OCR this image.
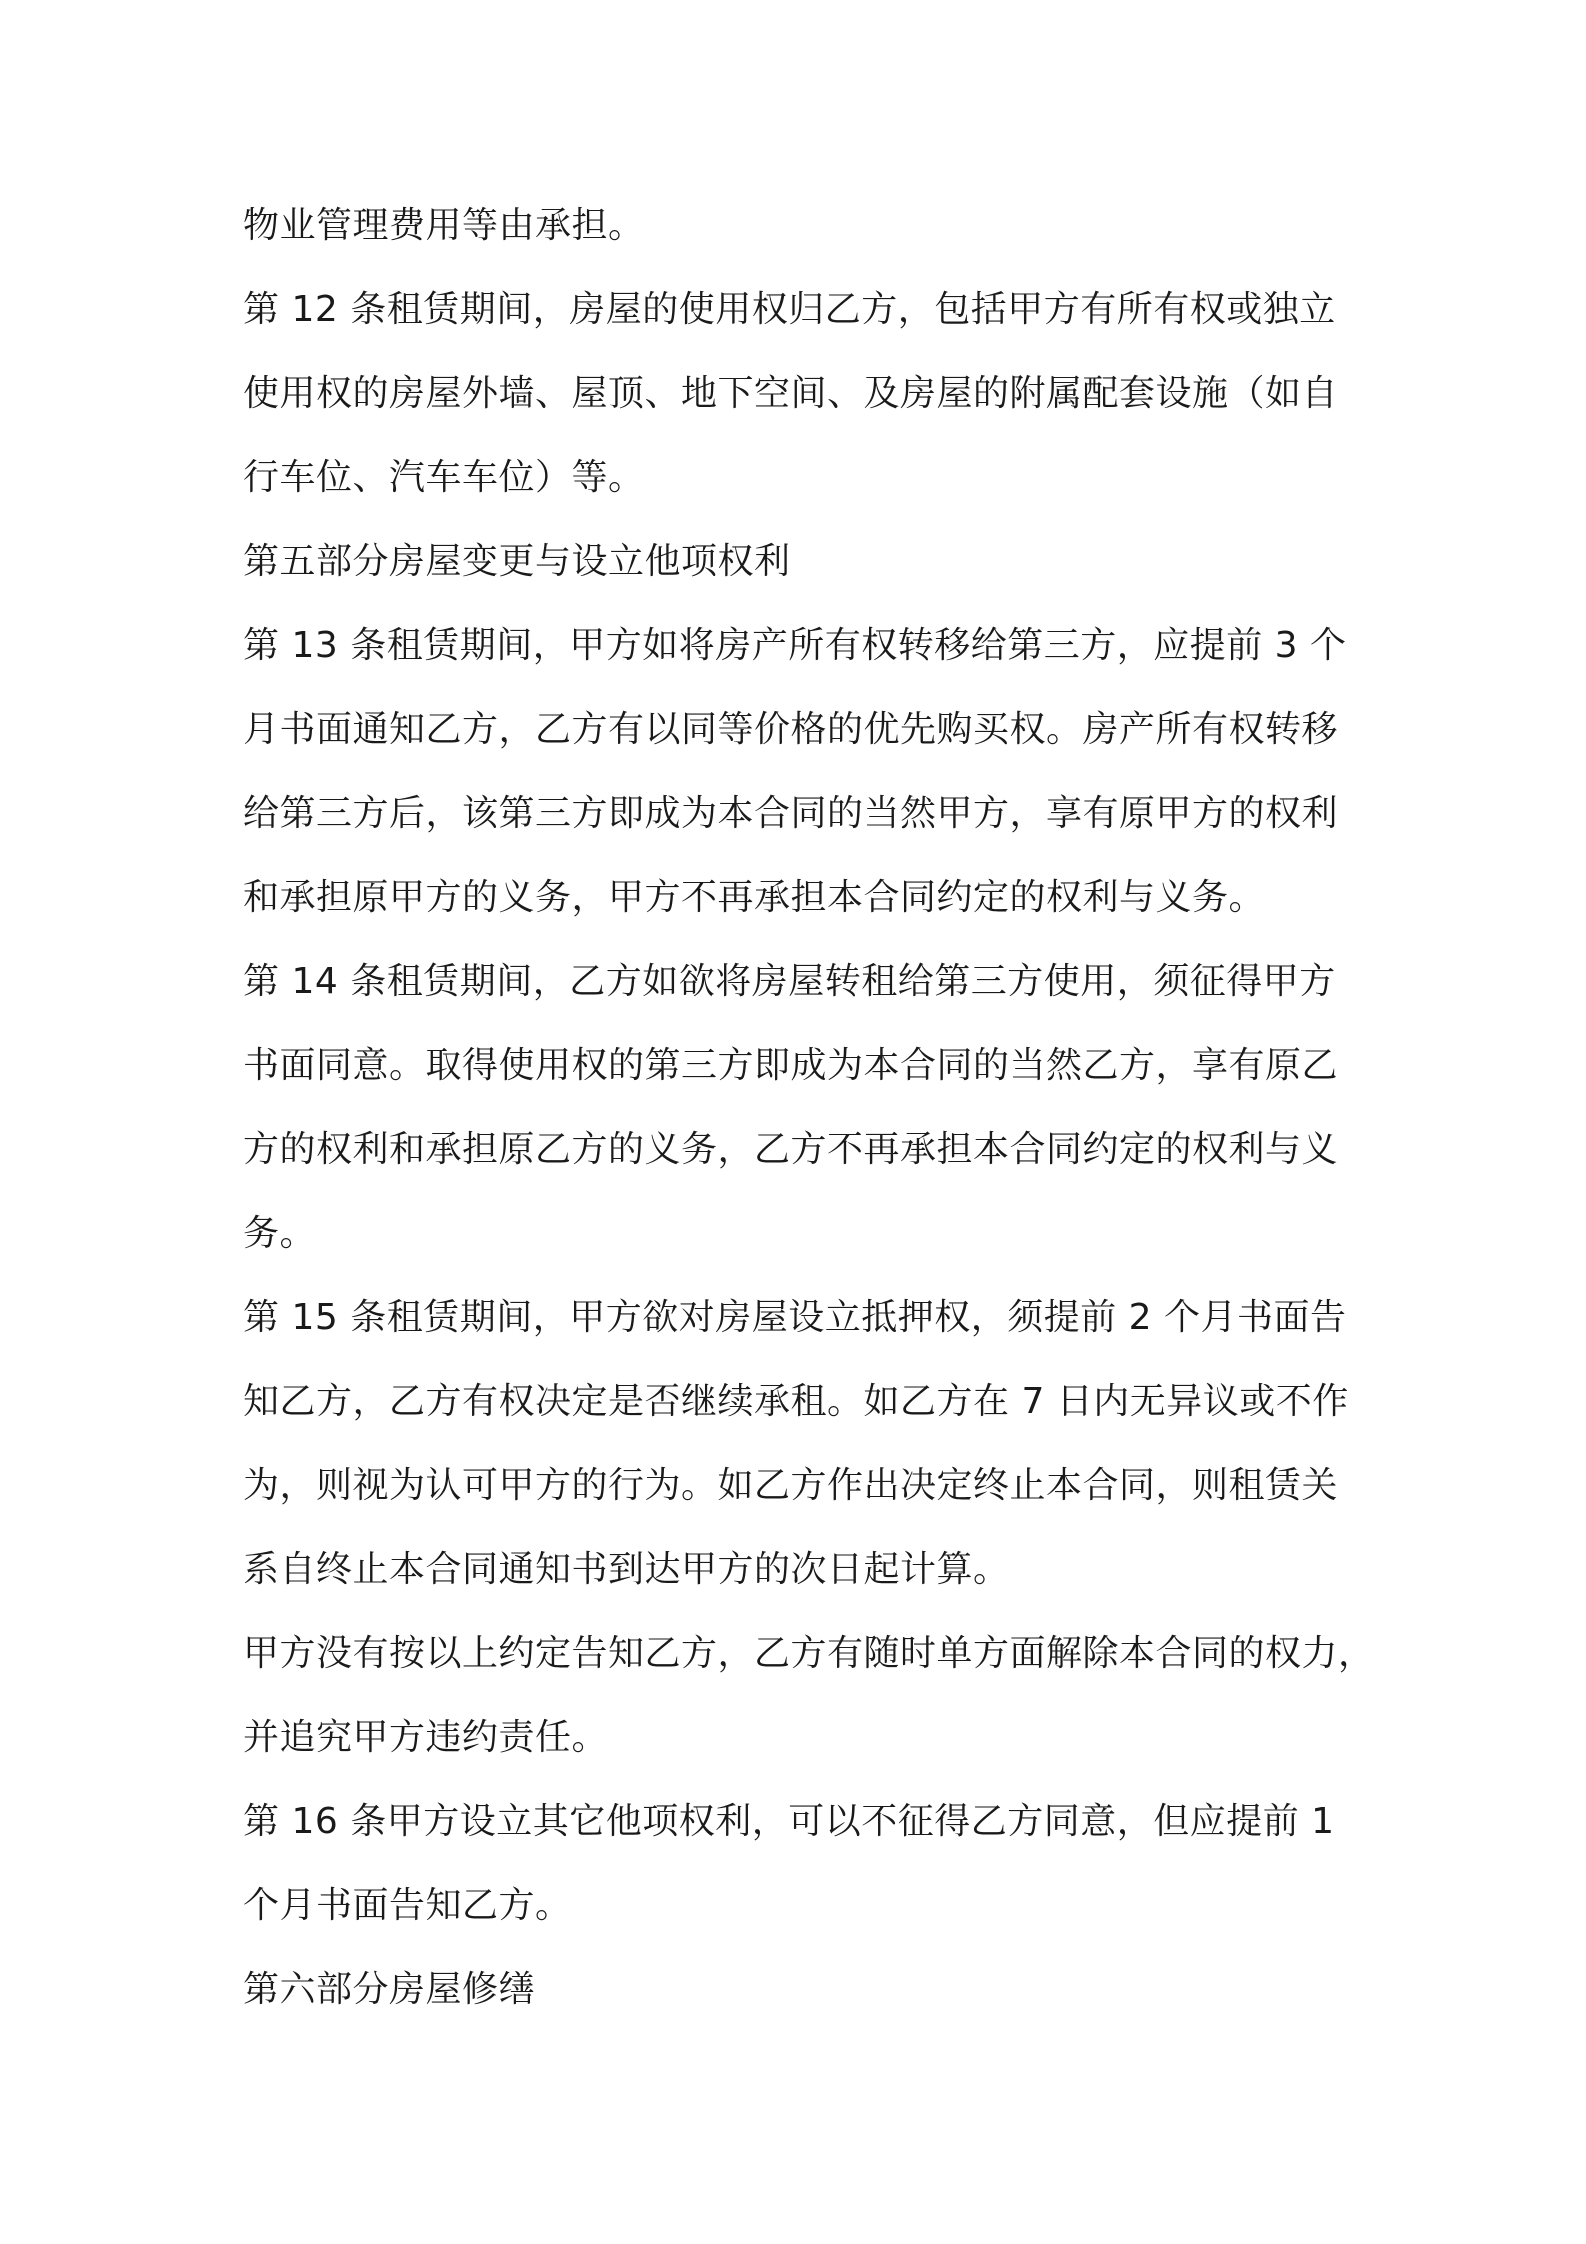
物业管理费用等由承担。
第 12 条租赁期间，房屋的使用权归乙方，包括甲方有所有权或独立
使用权的房屋外墙、屋顶、地下空间、及房屋的附属配套设施（如自
行车位、汽车车位）等。
第五部分房屋变更与设立他项权利
第 13 条租赁期间，甲方如将房产所有权转移给第三方，应提前 3 个
月书面通知乙方，乙方有以同等价格的优先购买权。房产所有权转移
给第三方后，该第三方即成为本合同的当然甲方，享有原甲方的权利
和承担原甲方的义务，甲方不再承担本合同约定的权利与义务。
第 14 条租赁期间，乙方如欲将房屋转租给第三方使用，须征得甲方
书面同意。取得使用权的第三方即成为本合同的当然乙方，享有原乙
方的权利和承担原乙方的义务，乙方不再承担本合同约定的权利与义
务。
第 15 条租赁期间，甲方欲对房屋设立抵押权，须提前 2 个月书面告
知乙方，乙方有权决定是否继续承租。如乙方在 7 日内无异议或不作
为，则视为认可甲方的行为。如乙方作出决定终止本合同，则租赁关
系自终止本合同通知书到达甲方的次日起计算。
甲方没有按以上约定告知乙方，乙方有随时单方面解除本合同的权力，
并追究甲方违约责任。
第 16 条甲方设立其它他项权利，可以不征得乙方同意，但应提前 1
个月书面告知乙方。
第六部分房屋修缮
